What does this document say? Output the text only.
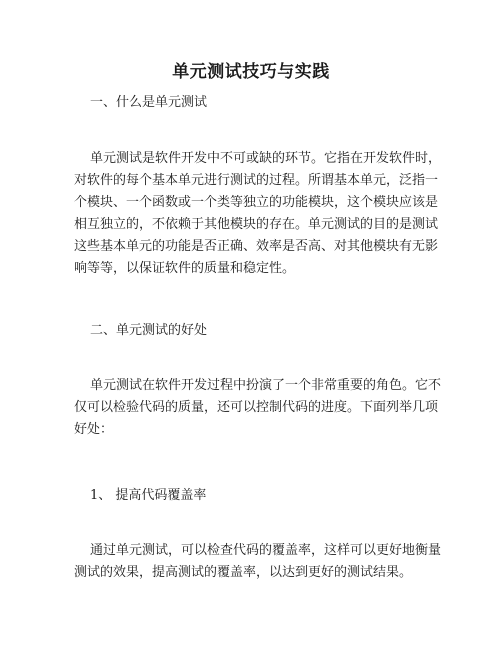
单元测试技巧与实践
一、什么是单元测试
单元测试是软件开发中不可或缺的环节。它指在开发软件时，
对软件的每个基本单元进行测试的过程。所谓基本单元，泛指一
个模块、一个函数或一个类等独立的功能模块，这个模块应该是
相互独立的，不依赖于其他模块的存在。单元测试的目的是测试
这些基本单元的功能是否正确、效率是否高、对其他模块有无影
响等等，以保证软件的质量和稳定性。
二、单元测试的好处
单元测试在软件开发过程中扮演了一个非常重要的角色。它不
仅可以检验代码的质量，还可以控制代码的进度。下面列举几项
好处：
1、 提高代码覆盖率
通过单元测试，可以检查代码的覆盖率，这样可以更好地衡量
测试的效果，提高测试的覆盖率，以达到更好的测试结果。
